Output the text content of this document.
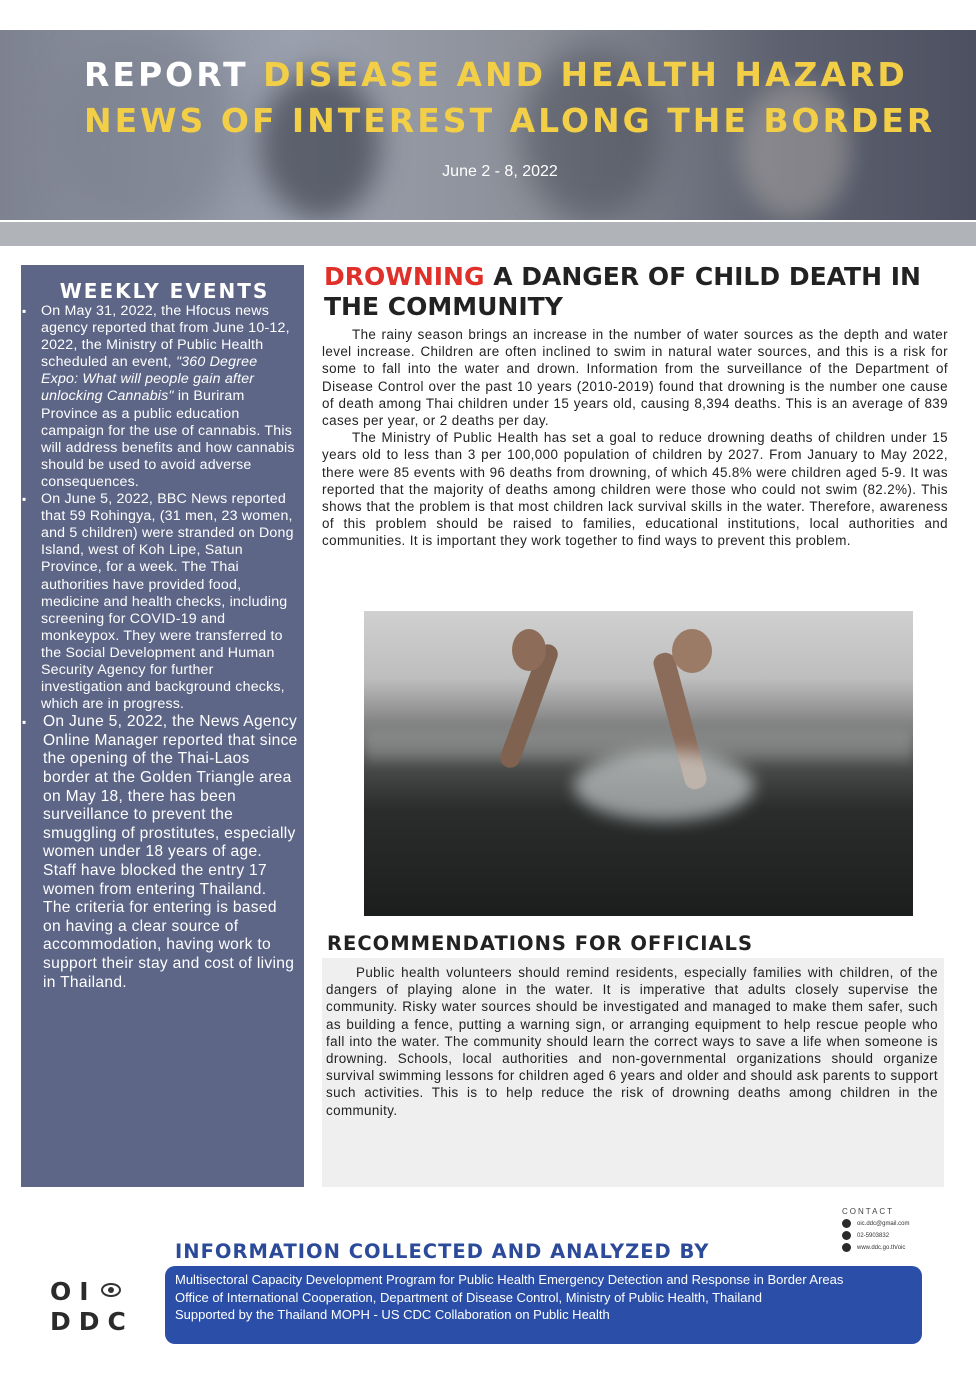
REPORT DISEASE AND HEALTH HAZARD
NEWS OF INTEREST ALONG THE BORDER
June 2 - 8, 2022
WEEKLY EVENTS
▪ On May 31, 2022, the Hfocus news agency reported that from June 10-12, 2022, the Ministry of Public Health scheduled an event, "360 Degree Expo: What will people gain after unlocking Cannabis" in Buriram Province as a public education campaign for the use of cannabis. This will address benefits and how cannabis should be used to avoid adverse consequences.
▪ On June 5, 2022, BBC News reported that 59 Rohingya, (31 men, 23 women, and 5 children) were stranded on Dong Island, west of Koh Lipe, Satun Province, for a week. The Thai authorities have provided food, medicine and health checks, including screening for COVID-19 and monkeypox. They were transferred to the Social Development and Human Security Agency for further investigation and background checks, which are in progress.
▪ On June 5, 2022, the News Agency Online Manager reported that since the opening of the Thai-Laos border at the Golden Triangle area on May 18, there has been surveillance to prevent the smuggling of prostitutes, especially women under 18 years of age. Staff have blocked the entry 17 women from entering Thailand. The criteria for entering is based on having a clear source of accommodation, having work to support their stay and cost of living in Thailand.
DROWNING A DANGER OF CHILD DEATH IN THE COMMUNITY

The rainy season brings an increase in the number of water sources as the depth and water level increase. Children are often inclined to swim in natural water sources, and this is a risk for some to fall into the water and drown. Information from the surveillance of the Department of Disease Control over the past 10 years (2010-2019) found that drowning is the number one cause of death among Thai children under 15 years old, causing 8,394 deaths. This is an average of 839 cases per year, or 2 deaths per day.

The Ministry of Public Health has set a goal to reduce drowning deaths of children under 15 years old to less than 3 per 100,000 population of children by 2027. From January to May 2022, there were 85 events with 96 deaths from drowning, of which 45.8% were children aged 5-9. It was reported that the majority of deaths among children were those who could not swim (82.2%). This shows that the problem is that most children lack survival skills in the water. Therefore, awareness of this problem should be raised to families, educational institutions, local authorities and communities. It is important they work together to find ways to prevent this problem.

RECOMMENDATIONS FOR OFFICIALS

Public health volunteers should remind residents, especially families with children, of the dangers of playing alone in the water. It is imperative that adults closely supervise the community. Risky water sources should be investigated and managed to make them safer, such as building a fence, putting a warning sign, or arranging equipment to help rescue people who fall into the water. The community should learn the correct ways to save a life when someone is drowning. Schools, local authorities and non-governmental organizations should organize survival swimming lessons for children aged 6 years and older and should ask parents to support such activities. This is to help reduce the risk of drowning deaths among children in the community.

CONTACT
oic.ddc@gmail.com
02-5903832
www.ddc.go.th/oic
INFORMATION COLLECTED AND ANALYZED BY
OI
DDC
Multisectoral Capacity Development Program for Public Health Emergency Detection and Response in Border Areas
Office of International Cooperation, Department of Disease Control, Ministry of Public Health, Thailand
Supported by the Thailand MOPH - US CDC Collaboration on Public Health
